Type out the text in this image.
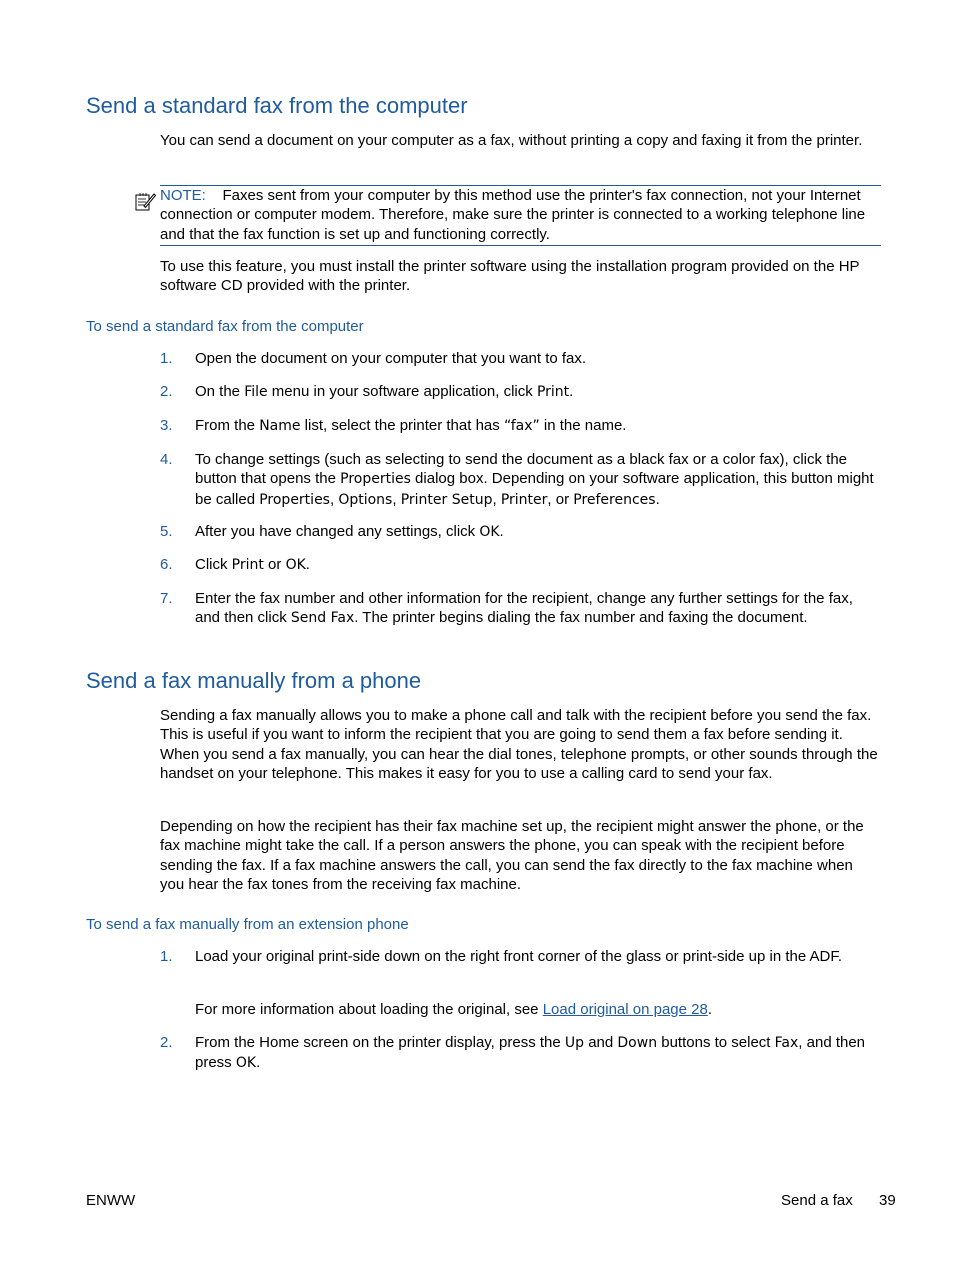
Send a standard fax from the computer

You can send a document on your computer as a fax, without printing a copy and faxing it from the printer.

NOTE: Faxes sent from your computer by this method use the printer's fax connection, not your Internet connection or computer modem. Therefore, make sure the printer is connected to a working telephone line and that the fax function is set up and functioning correctly.

To use this feature, you must install the printer software using the installation program provided on the HP software CD provided with the printer.

To send a standard fax from the computer
1.	Open the document on your computer that you want to fax.
2.	On the File menu in your software application, click Print.
3.	From the Name list, select the printer that has “fax” in the name.
4.	To change settings (such as selecting to send the document as a black fax or a color fax), click the button that opens the Properties dialog box. Depending on your software application, this button might be called Properties, Options, Printer Setup, Printer, or Preferences.
5.	After you have changed any settings, click OK.
6.	Click Print or OK.
7.	Enter the fax number and other information for the recipient, change any further settings for the fax, and then click Send Fax. The printer begins dialing the fax number and faxing the document.
Send a fax manually from a phone

Sending a fax manually allows you to make a phone call and talk with the recipient before you send the fax. This is useful if you want to inform the recipient that you are going to send them a fax before sending it. When you send a fax manually, you can hear the dial tones, telephone prompts, or other sounds through the handset on your telephone. This makes it easy for you to use a calling card to send your fax.

Depending on how the recipient has their fax machine set up, the recipient might answer the phone, or the fax machine might take the call. If a person answers the phone, you can speak with the recipient before sending the fax. If a fax machine answers the call, you can send the fax directly to the fax machine when you hear the fax tones from the receiving fax machine.

To send a fax manually from an extension phone
1.	Load your original print-side down on the right front corner of the glass or print-side up in the ADF.
For more information about loading the original, see Load original on page 28.
2.	From the Home screen on the printer display, press the Up and Down buttons to select Fax, and then press OK.
ENWW	Send a fax 39
